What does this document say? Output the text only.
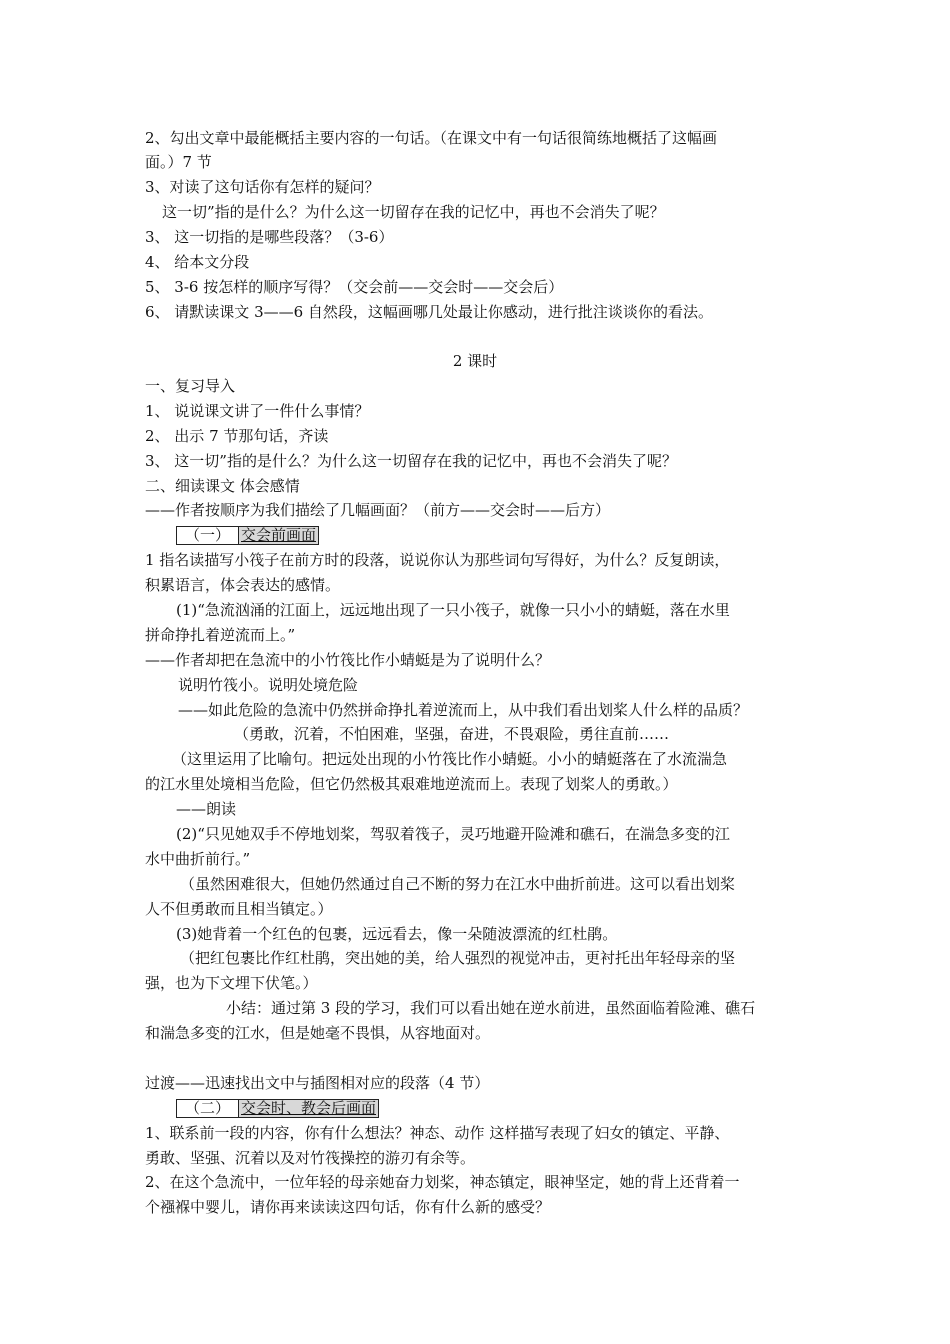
2、勾出文章中最能概括主要内容的一句话。（在课文中有一句话很简练地概括了这幅画
面。）7 节
3、对读了这句话你有怎样的疑问？
这一切”指的是什么？为什么这一切留存在我的记忆中，再也不会消失了呢？
3、 这一切指的是哪些段落？（3-6）
4、 给本文分段
5、 3-6 按怎样的顺序写得？（交会前——交会时——交会后）
6、 请默读课文 3——6 自然段，这幅画哪几处最让你感动，进行批注谈谈你的看法。
2 课时
一、复习导入
1、 说说课文讲了一件什么事情？
2、 出示 7 节那句话，齐读
3、 这一切”指的是什么？为什么这一切留存在我的记忆中，再也不会消失了呢？
二、细读课文 体会感情
——作者按顺序为我们描绘了几幅画面？（前方——交会时——后方）
（一） 交会前画面
1 指名读描写小筏子在前方时的段落，说说你认为那些词句写得好，为什么？反复朗读，
积累语言，体会表达的感情。
(1)“急流汹涌的江面上，远远地出现了一只小筏子，就像一只小小的蜻蜓，落在水里
拼命挣扎着逆流而上。”
——作者却把在急流中的小竹筏比作小蜻蜓是为了说明什么？
说明竹筏小。说明处境危险
——如此危险的急流中仍然拼命挣扎着逆流而上，从中我们看出划桨人什么样的品质？
（勇敢，沉着，不怕困难，坚强，奋进，不畏艰险，勇往直前……
（这里运用了比喻句。把远处出现的小竹筏比作小蜻蜓。小小的蜻蜓落在了水流湍急
的江水里处境相当危险，但它仍然极其艰难地逆流而上。表现了划桨人的勇敢。）
——朗读
(2)“只见她双手不停地划桨，驾驭着筏子，灵巧地避开险滩和礁石，在湍急多变的江
水中曲折前行。”
（虽然困难很大，但她仍然通过自己不断的努力在江水中曲折前进。这可以看出划桨
人不但勇敢而且相当镇定。）
(3)她背着一个红色的包裹，远远看去，像一朵随波漂流的红杜鹃。
（把红包裹比作红杜鹃，突出她的美，给人强烈的视觉冲击，更衬托出年轻母亲的坚
强，也为下文埋下伏笔。）
小结：通过第 3 段的学习，我们可以看出她在逆水前进，虽然面临着险滩、礁石
和湍急多变的江水，但是她毫不畏惧，从容地面对。
过渡——迅速找出文中与插图相对应的段落（4 节）
（二） 交会时、教会后画面
1、联系前一段的内容，你有什么想法？神态、动作 这样描写表现了妇女的镇定、平静、
勇敢、坚强、沉着以及对竹筏操控的游刃有余等。
2、在这个急流中，一位年轻的母亲她奋力划桨，神态镇定，眼神坚定，她的背上还背着一
个襁褓中婴儿，请你再来读读这四句话，你有什么新的感受？
